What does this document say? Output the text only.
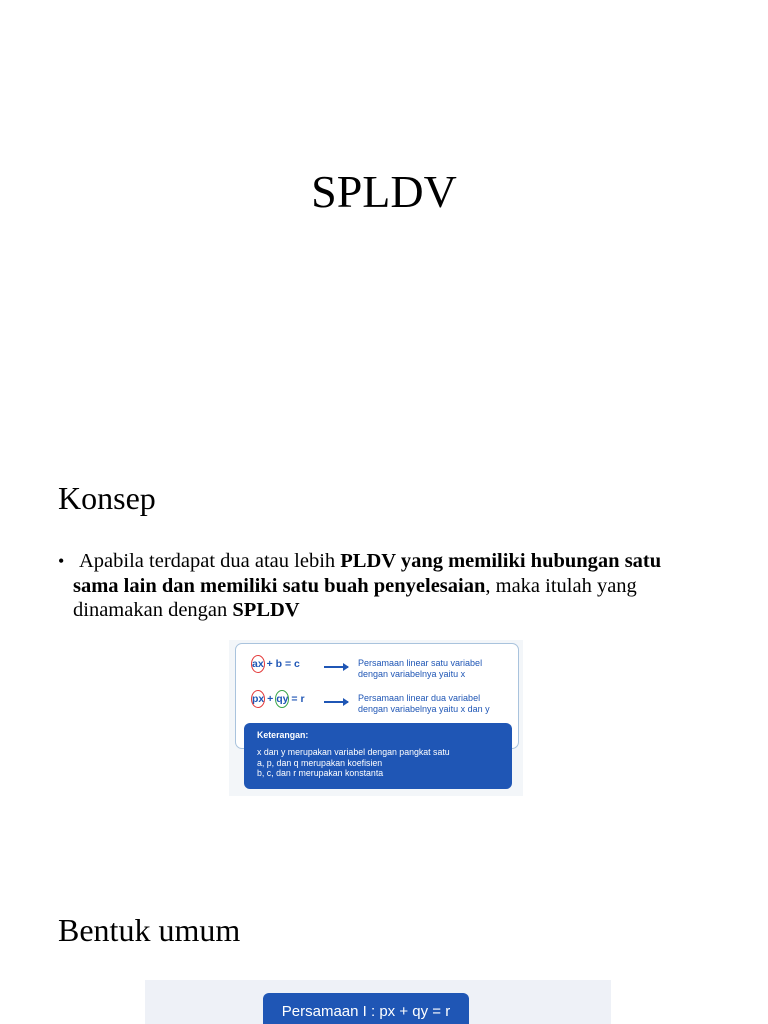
SPLDV
Konsep
• Apabila terdapat dua atau lebih PLDV yang memiliki hubungan satu sama lain dan memiliki satu buah penyelesaian, maka itulah yang dinamakan dengan SPLDV
ax + b = c	Persamaan linear satu variabel
dengan variabelnya yaitu x
px +
qy = r	Persamaan linear dua variabel
dengan variabelnya yaitu x dan y
Keterangan:
x dan y merupakan variabel dengan pangkat satu
a, p, dan q merupakan koefisien
b, c, dan r merupakan konstanta
Bentuk umum
Persamaan I : px + qy = r
